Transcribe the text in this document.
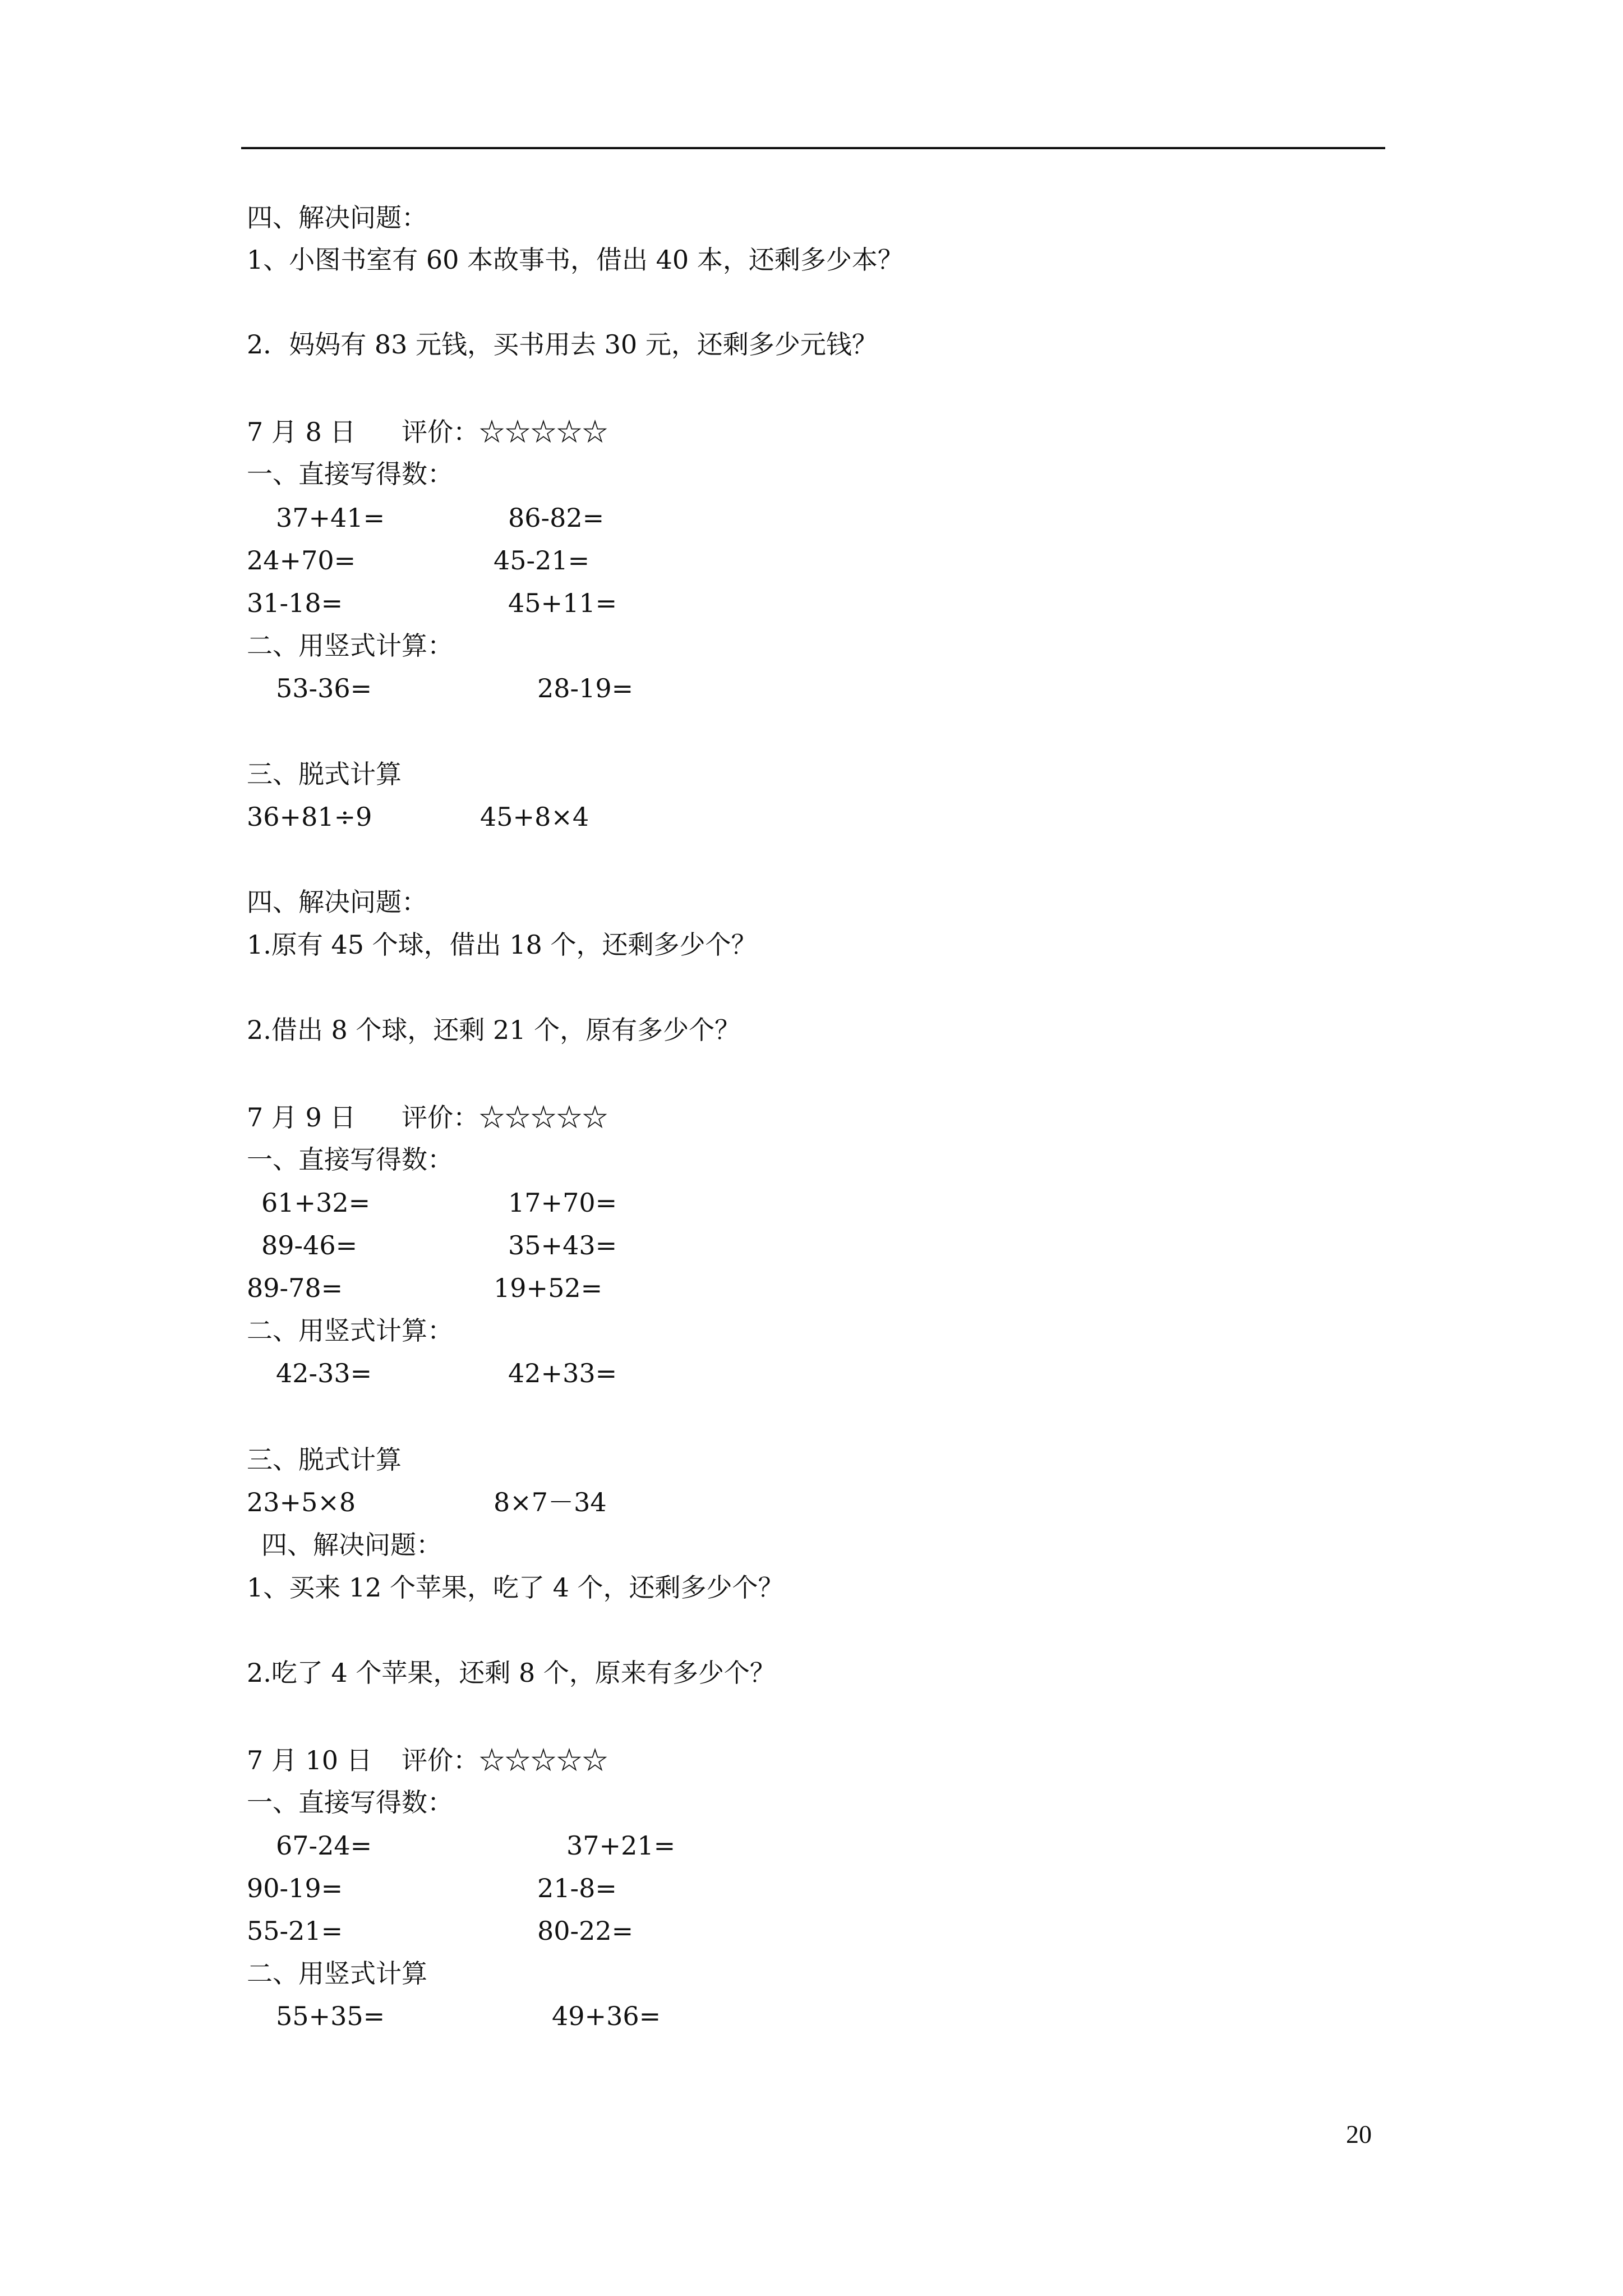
四、解决问题：
1、小图书室有 60 本故事书，借出 40 本，还剩多少本？
2．妈妈有 83 元钱，买书用去 30 元，还剩多少元钱？
7 月 8 日 评价：☆☆☆☆☆
一、直接写得数：
37+41=	86-82=
24+70=	45-21=
31-18=	45+11=
二、用竖式计算：
53-36=	28-19=
三、脱式计算
36+81÷9	45+8×4
四、解决问题：
1.原有 45 个球，借出 18 个，还剩多少个？
2.借出 8 个球，还剩 21 个，原有多少个？
7 月 9 日 评价：☆☆☆☆☆
一、直接写得数：
61+32=	17+70=
89-46=	35+43=
89-78=	19+52=
二、用竖式计算：
42-33=	42+33=
三、脱式计算
23+5×8	8×7－34
四、解决问题：
1、买来 12 个苹果，吃了 4 个，还剩多少个？
2.吃了 4 个苹果，还剩 8 个，原来有多少个？
7 月 10 日 评价：☆☆☆☆☆
一、直接写得数：
67-24=	37+21=
90-19=	21-8=
55-21=	80-22=
二、用竖式计算
55+35=	49+36=
20
